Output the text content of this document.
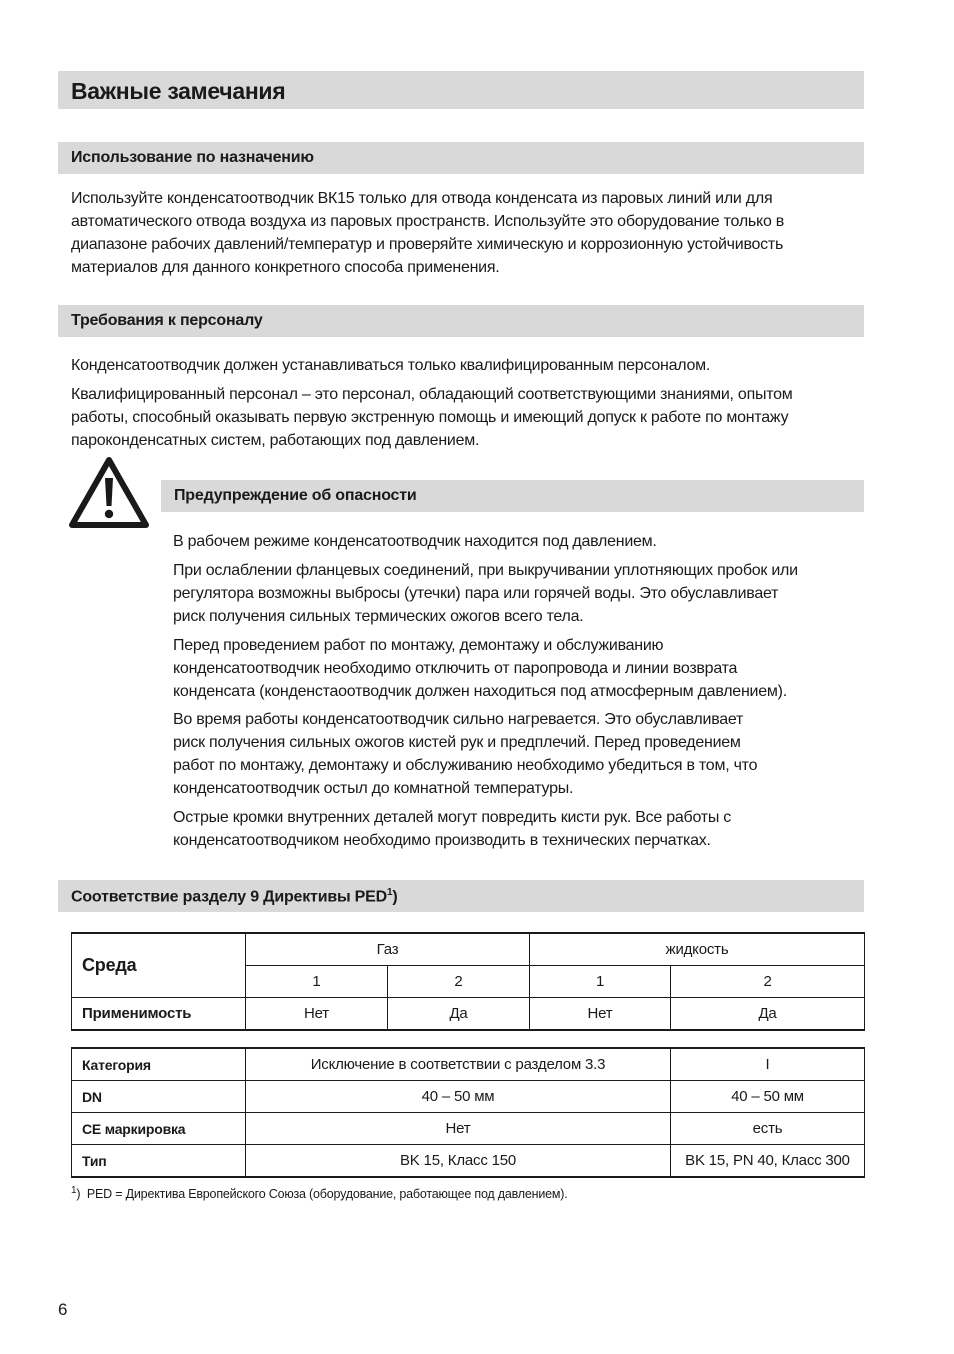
Важные замечания
Использование по назначению
Используйте конденсатоотводчик ВК15 только для отвода конденсата из паровых линий или для
автоматического отвода воздуха из паровых пространств. Используйте это оборудование только в
диапазоне рабочих давлений/температур и проверяйте химическую и коррозионную устойчивость
материалов для данного конкретного способа применения.
Требования к персоналу
Конденсатоотводчик должен устанавливаться только квалифицированным персоналом.
Квалифицированный персонал – это персонал, обладающий соответствующими знаниями, опытом
работы, способный оказывать первую экстренную помощь и имеющий допуск к работе по монтажу
пароконденсатных систем, работающих под давлением.
Предупреждение об опасности
В рабочем режиме конденсатоотводчик находится под давлением.
При ослаблении фланцевых соединений, при выкручивании уплотняющих пробок или
регулятора возможны выбросы (утечки) пара или горячей воды. Это обуславливает
риск получения сильных термических ожогов всего тела.
Перед проведением работ по монтажу, демонтажу и обслуживанию
конденсатоотводчик необходимо отключить от паропровода и линии возврата
конденсата (конденстаоотводчик должен находиться под атмосферным давлением).
Во время работы конденсатоотводчик сильно нагревается. Это обуславливает
риск получения сильных ожогов кистей рук и предплечий. Перед проведением
работ по монтажу, демонтажу и обслуживанию необходимо убедиться в том, что
конденсатоотводчик остыл до комнатной температуры.
Острые кромки внутренних деталей могут повредить кисти рук. Все работы с
конденсатоотводчиком необходимо производить в технических перчатках.
Соответствие разделу 9 Директивы PED$^1$)
Среда	Газ		жидкость	
	1	2	1	2
Применимость	Нет	Да	Нет	Да
Категория	Исключение в соответствии с разделом 3.3	I
DN	40 – 50 мм	40 – 50 мм
CE маркировка	Нет	есть
Тип	BK 15, Класс 150	BK 15, PN 40, Класс 300

$^1$) PED = Директива Европейского Союза (оборудование, работающее под давлением).

6
